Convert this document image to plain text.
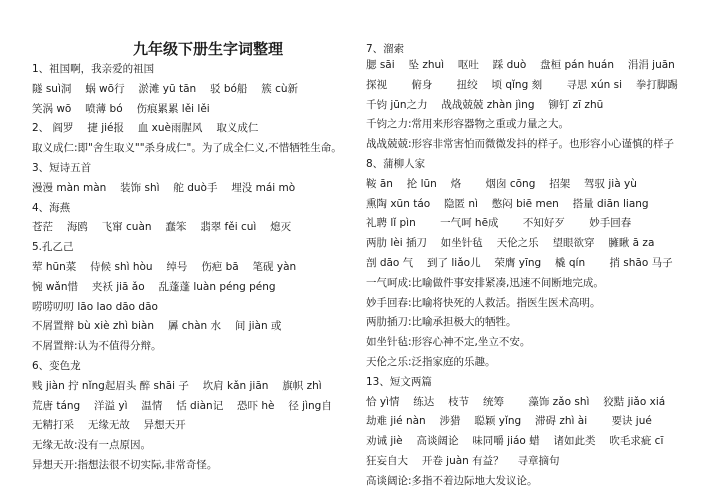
九年级下册生字词整理
1、祖国啊，我亲爱的祖国
隧 suì洞　 蜗 wō行　 淤滩 yū tān　 驳 bó船　 簇 cù新
笑涡 wō　 喷薄 bó　 伤痕累累 lěi lěi
2、 阎罗　 捷 jié报　 血 xuè雨腥风　 取义成仁
取义成仁:即"舍生取义""杀身成仁"。为了成全仁义,不惜牺牲生命。
3、短诗五首
漫漫 màn màn　 装饰 shì　 舵 duò手　 埋没 mái mò
4、海燕
苍茫　 海鸥　 飞窜 cuàn　 蠢笨　 翡翠 fěi cuì　 熄灭
5.孔乙己
荤 hūn菜　 侍候 shì hòu　 绰号　 伤疤 bā　 笔砚 yàn
惋 wǎn惜　 夹袄 jiā ǎo　 乱蓬蓬 luàn péng péng
唠唠叨叨 lāo lao dāo dāo
不屑置辩 bù xiè zhì biàn　 羼 chàn 水　 间 jiàn 或
不屑置辩:认为不值得分辩。
6、变色龙
贱 jiàn 拧 nǐng起眉头 醉 shāi 子　 坎肩 kǎn jiān　 旗帜 zhì
荒唐 táng　 洋溢 yì　 温情　 恬 diàn记　 恐吓 hè　 径 jìng自
无精打采　 无缘无故　 异想天开
无缘无故:没有一点原因。
异想天开:指想法很不切实际,非常奇怪。
7、溜索
腮 sāi　 坠 zhuì　 呕吐　 踩 duò　 盘桓 pán huán　 涓涓 juān
探视　　 俯身　　 扭绞　 顷 qǐng 刻　　 寻思 xún si　 拳打脚踢
千钧 jūn之力　 战战兢兢 zhàn jìng　 铆钉 zī zhū
千钧之力:常用来形容器物之重或力量之大。
战战兢兢:形容非常害怕而微微发抖的样子。也形容小心谨慎的样子
8、蒲柳人家
鞍 ān　 抡 lūn　 烙　　 烟囱 cōng　 招架　 驾驭 jià yù
熏陶 xūn táo　 隐匿 nì　 憋闷 biē men　 搭量 diān liang
礼聘 lǐ pìn　　 一气呵 hē成　　 不知好歹　　 妙手回春
两肋 lèi 插刀　 如坐针毡　 天伦之乐　 望眼欲穿　 臃瞅 ā za
剖 dāo 气　 到了 liǎo儿　 荣膺 yīng　 橇 qín　　 捎 shāo 马子
一气呵成:比喻做件事安排紧凑,迅速不间断地完成。
妙手回春:比喻将快死的人救活。指医生医术高明。
两肋插刀:比喻承担极大的牺牲。
如坐针毡:形容心神不定,坐立不安。
天伦之乐:泛指家庭的乐趣。
13、短文两篇
恰 yì情　 练达　 枝节　 统筹　　 藻饰 zǎo shì　 狡黠 jiǎo xiá
劫难 jié nàn　 涉猎　 聪颖 yǐng　 滞碍 zhì ài　　 要诀 jué
劝诫 jiè　 高谈阔论　 味同嚼 jiáo 蜡　 诸如此类　 吹毛求疵 cī
狂妄自大　 开卷 juàn 有益？　 寻章摘句
高谈阔论:多指不着边际地大发议论。
